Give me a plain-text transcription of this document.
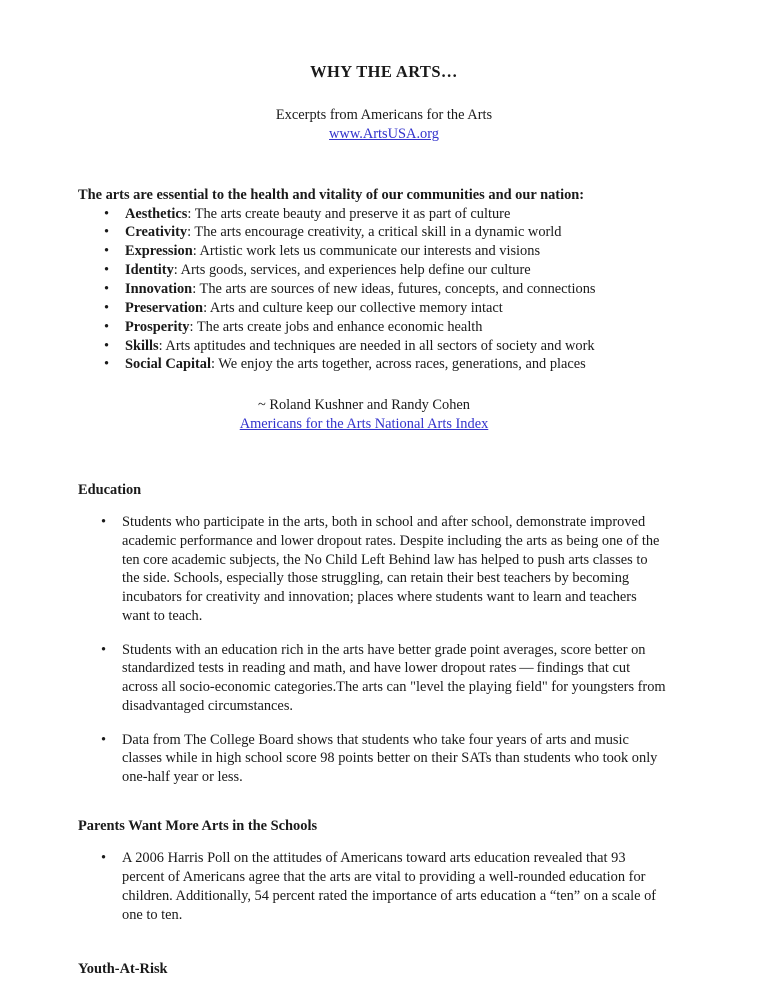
WHY THE ARTS…
Excerpts from Americans for the Arts
www.ArtsUSA.org

The arts are essential to the health and vitality of our communities and our nation:

• Aesthetics: The arts create beauty and preserve it as part of culture
• Creativity: The arts encourage creativity, a critical skill in a dynamic world
• Expression: Artistic work lets us communicate our interests and visions
• Identity: Arts goods, services, and experiences help define our culture
• Innovation: The arts are sources of new ideas, futures, concepts, and connections
• Preservation: Arts and culture keep our collective memory intact
• Prosperity: The arts create jobs and enhance economic health
• Skills: Arts aptitudes and techniques are needed in all sectors of society and work
• Social Capital: We enjoy the arts together, across races, generations, and places
~ Roland Kushner and Randy Cohen
Americans for the Arts National Arts Index
Education
• Students who participate in the arts, both in school and after school, demonstrate improved academic performance and lower dropout rates. Despite including the arts as being one of the ten core academic subjects, the No Child Left Behind law has helped to push arts classes to the side. Schools, especially those struggling, can retain their best teachers by becoming incubators for creativity and innovation; places where students want to learn and teachers want to teach.
• Students with an education rich in the arts have better grade point averages, score better on standardized tests in reading and math, and have lower dropout rates — findings that cut across all socio-economic categories.The arts can "level the playing field" for youngsters from disadvantaged circumstances.
• Data from The College Board shows that students who take four years of arts and music classes while in high school score 98 points better on their SATs than students who took only one-half year or less.
Parents Want More Arts in the Schools
• A 2006 Harris Poll on the attitudes of Americans toward arts education revealed that 93 percent of Americans agree that the arts are vital to providing a well-rounded education for children. Additionally, 54 percent rated the importance of arts education a “ten” on a scale of one to ten.
Youth-At-Risk
